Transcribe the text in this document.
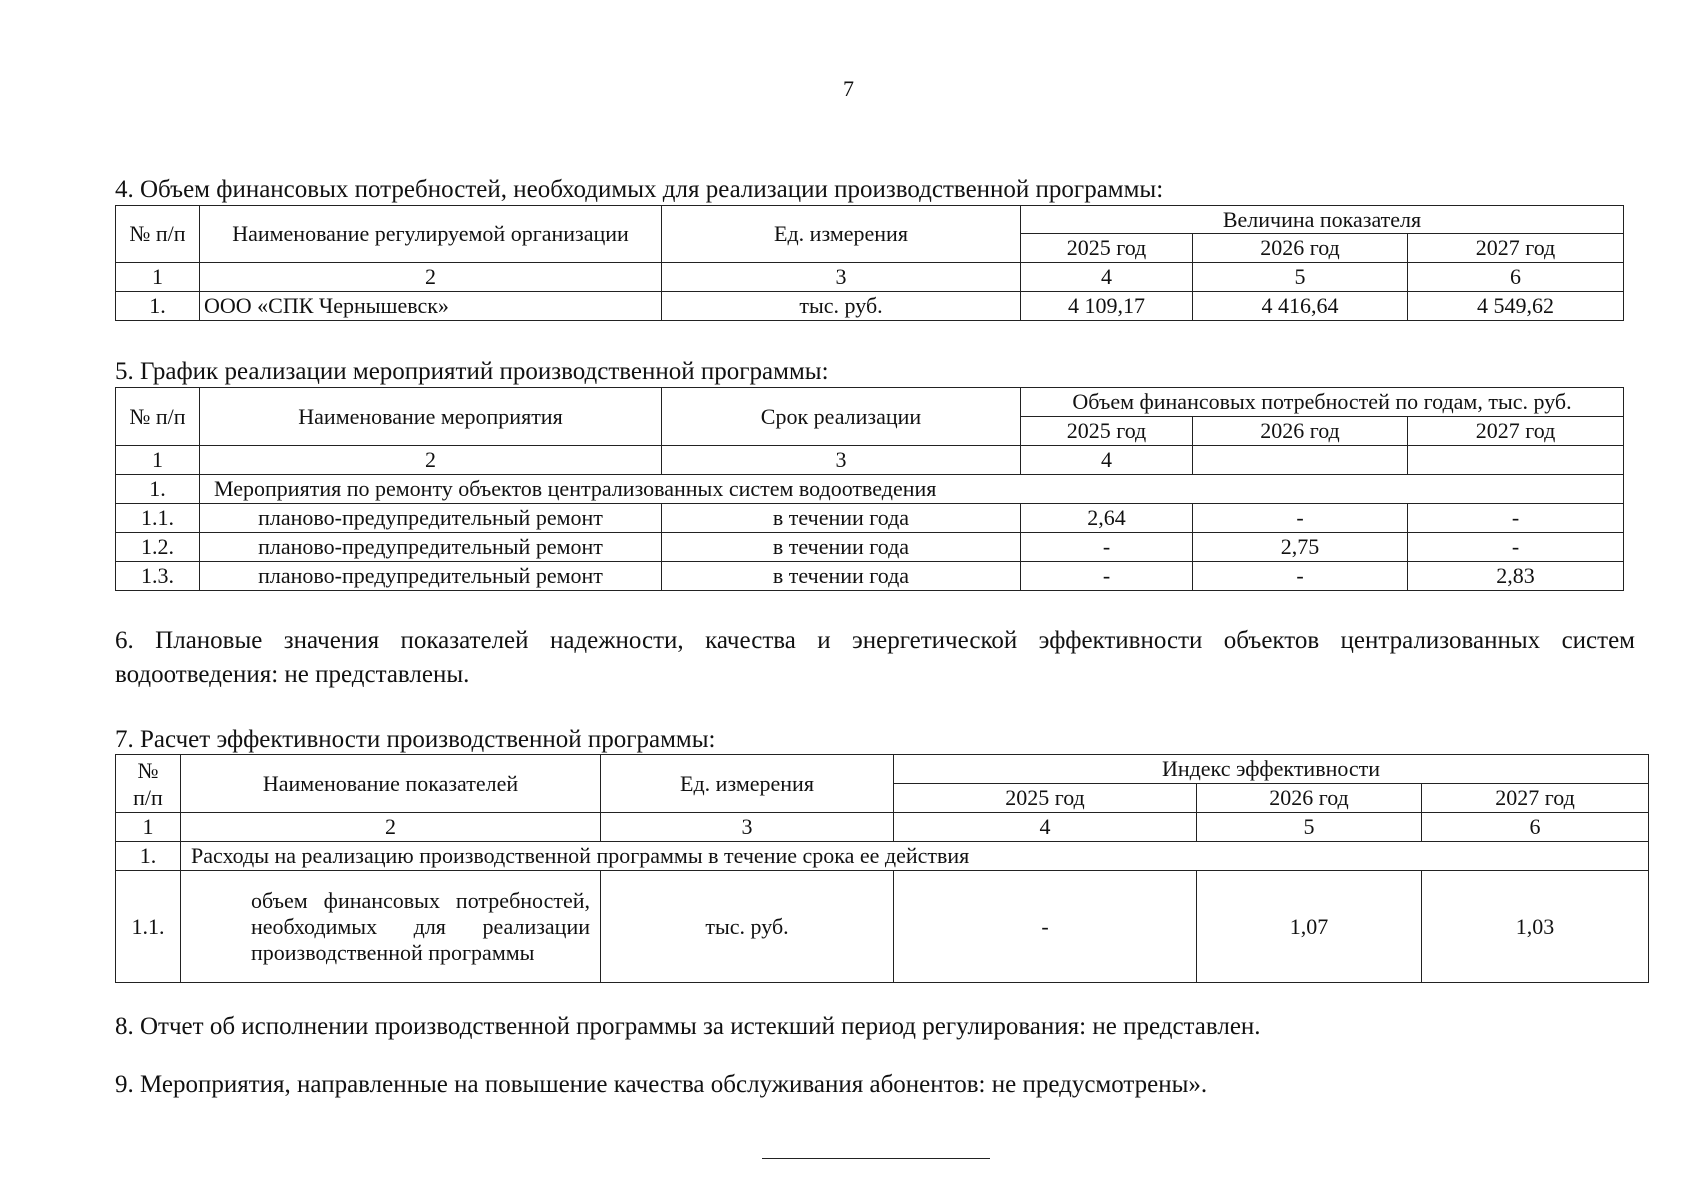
7
4. Объем финансовых потребностей, необходимых для реализации производственной программы:
№ п/п	Наименование регулируемой организации	Ед. измерения	Величина показателя		
			2025 год	2026 год	2027 год
1	2	3	4	5	6
1.	ООО «СПК Чернышевск»	тыс. руб.	4 109,17	4 416,64	4 549,62
5. График реализации мероприятий производственной программы:
№ п/п	Наименование мероприятия	Срок реализации	Объем финансовых потребностей по годам, тыс. руб.		
			2025 год	2026 год	2027 год
1	2	3	4		
1.	Мероприятия по ремонту объектов централизованных систем водоотведения				
1.1.	планово-предупредительный ремонт	в течении года	2,64	-	-
1.2.	планово-предупредительный ремонт	в течении года	-	2,75	-
1.3.	планово-предупредительный ремонт	в течении года	-	-	2,83
6. Плановые значения показателей надежности, качества и энергетической эффективности объектов централизованных систем водоотведения: не представлены.
7. Расчет эффективности производственной программы:
№
п/п	Наименование показателей	Ед. измерения	Индекс эффективности		
			2025 год	2026 год	2027 год
1	2	3	4	5	6
1.	Расходы на реализацию производственной программы в течение срока ее действия				
1.1.	объем финансовых потребностей, необходимых для реализации производственной программы	тыс. руб.	-	1,07	1,03
8. Отчет об исполнении производственной программы за истекший период регулирования: не представлен.
9. Мероприятия, направленные на повышение качества обслуживания абонентов: не предусмотрены».
